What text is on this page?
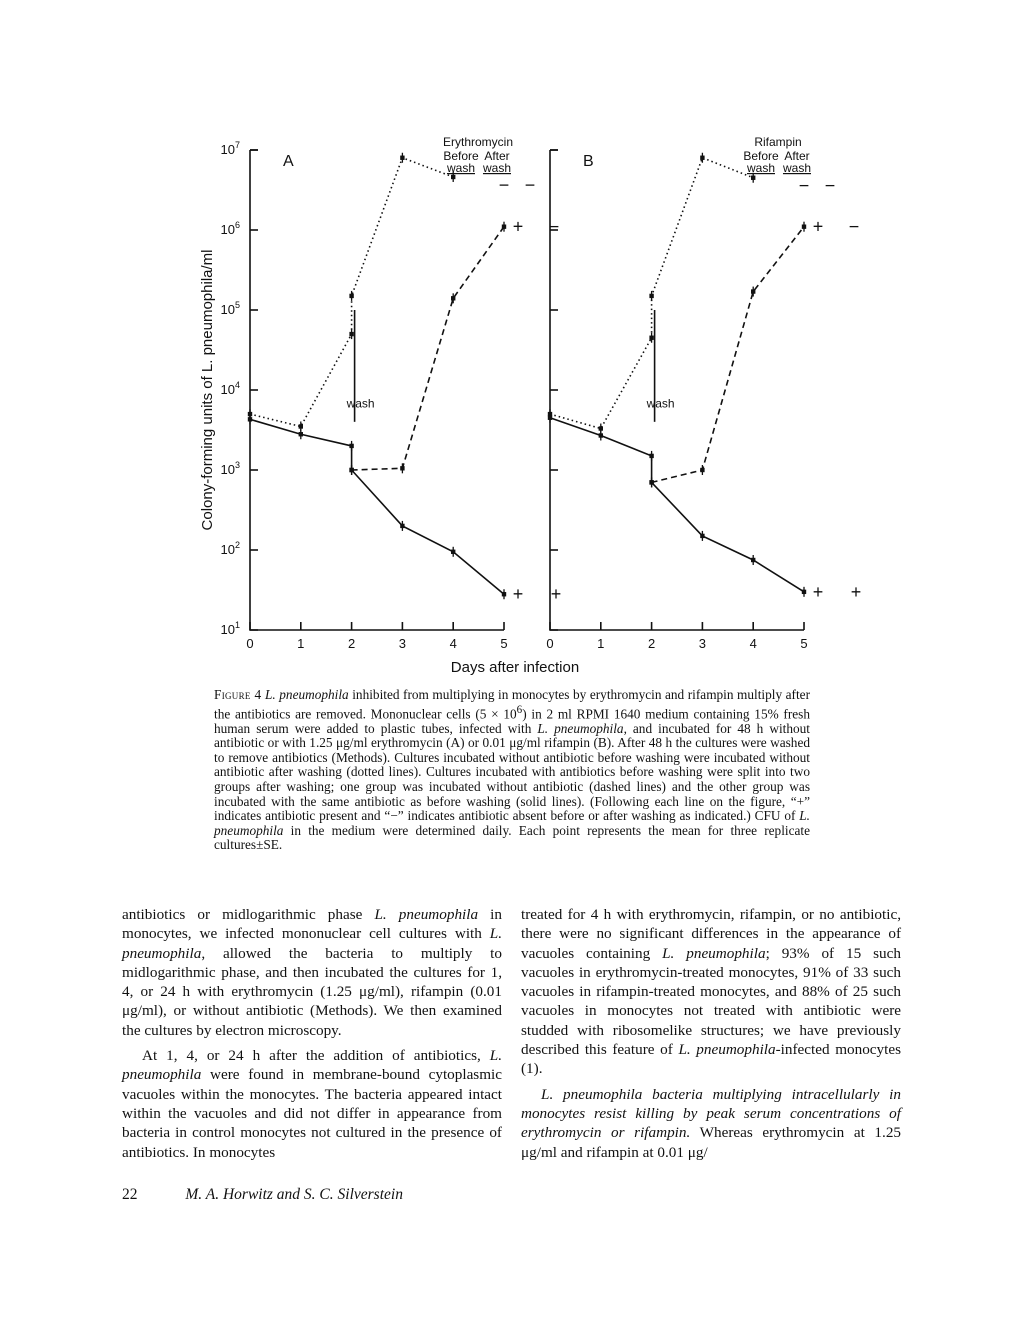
Colony-forming units of L. pneumophila/ml
Days after infection
$10^1$
$10^2$
$10^3$
$10^4$
$10^5$
$10^6$
$10^7$
0	1	2	3	4	5
A
Erythromycin
Before After
wash wash
− −
+ −
+ +
wash
0	1	2	3	4	5
B
Rifampin
Before After
wash wash
− −
+ −
+ +
wash

Figure 4 L. pneumophila inhibited from multiplying in monocytes by erythromycin and rifampin multiply after the antibiotics are removed. Mononuclear cells $(5 \times 10^6)$ in 2 ml RPMI 1640 medium containing 15% fresh human serum were added to plastic tubes, infected with L. pneumophila, and incubated for 48 h without antibiotic or with 1.25 μg/ml erythromycin (A) or 0.01 μg/ml rifampin (B). After 48 h the cultures were washed to remove antibiotics (Methods). Cultures incubated without antibiotic before washing were incubated without antibiotic after washing (dotted lines). Cultures incubated with antibiotics before washing were split into two groups after washing; one group was incubated without antibiotic (dashed lines) and the other group was incubated with the same antibiotic as before washing (solid lines). (Following each line on the figure, “+” indicates antibiotic present and “−” indicates antibiotic absent before or after washing as indicated.) CFU of L. pneumophila in the medium were determined daily. Each point represents the mean for three replicate cultures±SE.

antibiotics or midlogarithmic phase L. pneumophila in monocytes, we infected mononuclear cell cultures with L. pneumophila, allowed the bacteria to multiply to midlogarithmic phase, and then incubated the cultures for 1, 4, or 24 h with erythromycin (1.25 μg/ml), rifampin (0.01 μg/ml), or without antibiotic (Methods). We then examined the cultures by electron microscopy.

At 1, 4, or 24 h after the addition of antibiotics, L. pneumophila were found in membrane-bound cytoplasmic vacuoles within the monocytes. The bacteria appeared intact within the vacuoles and did not differ in appearance from bacteria in control monocytes not cultured in the presence of antibiotics. In monocytes

treated for 4 h with erythromycin, rifampin, or no antibiotic, there were no significant differences in the appearance of vacuoles containing L. pneumophila; 93% of 15 such vacuoles in erythromycin-treated monocytes, 91% of 33 such vacuoles in rifampin-treated monocytes, and 88% of 25 such vacuoles in monocytes not treated with antibiotic were studded with ribosomelike structures; we have previously described this feature of L. pneumophila-infected monocytes (1).

L. pneumophila bacteria multiplying intracellularly in monocytes resist killing by peak serum concentrations of erythromycin or rifampin. Whereas erythromycin at 1.25 μg/ml and rifampin at 0.01 μg/

22	M. A. Horwitz and S. C. Silverstein
